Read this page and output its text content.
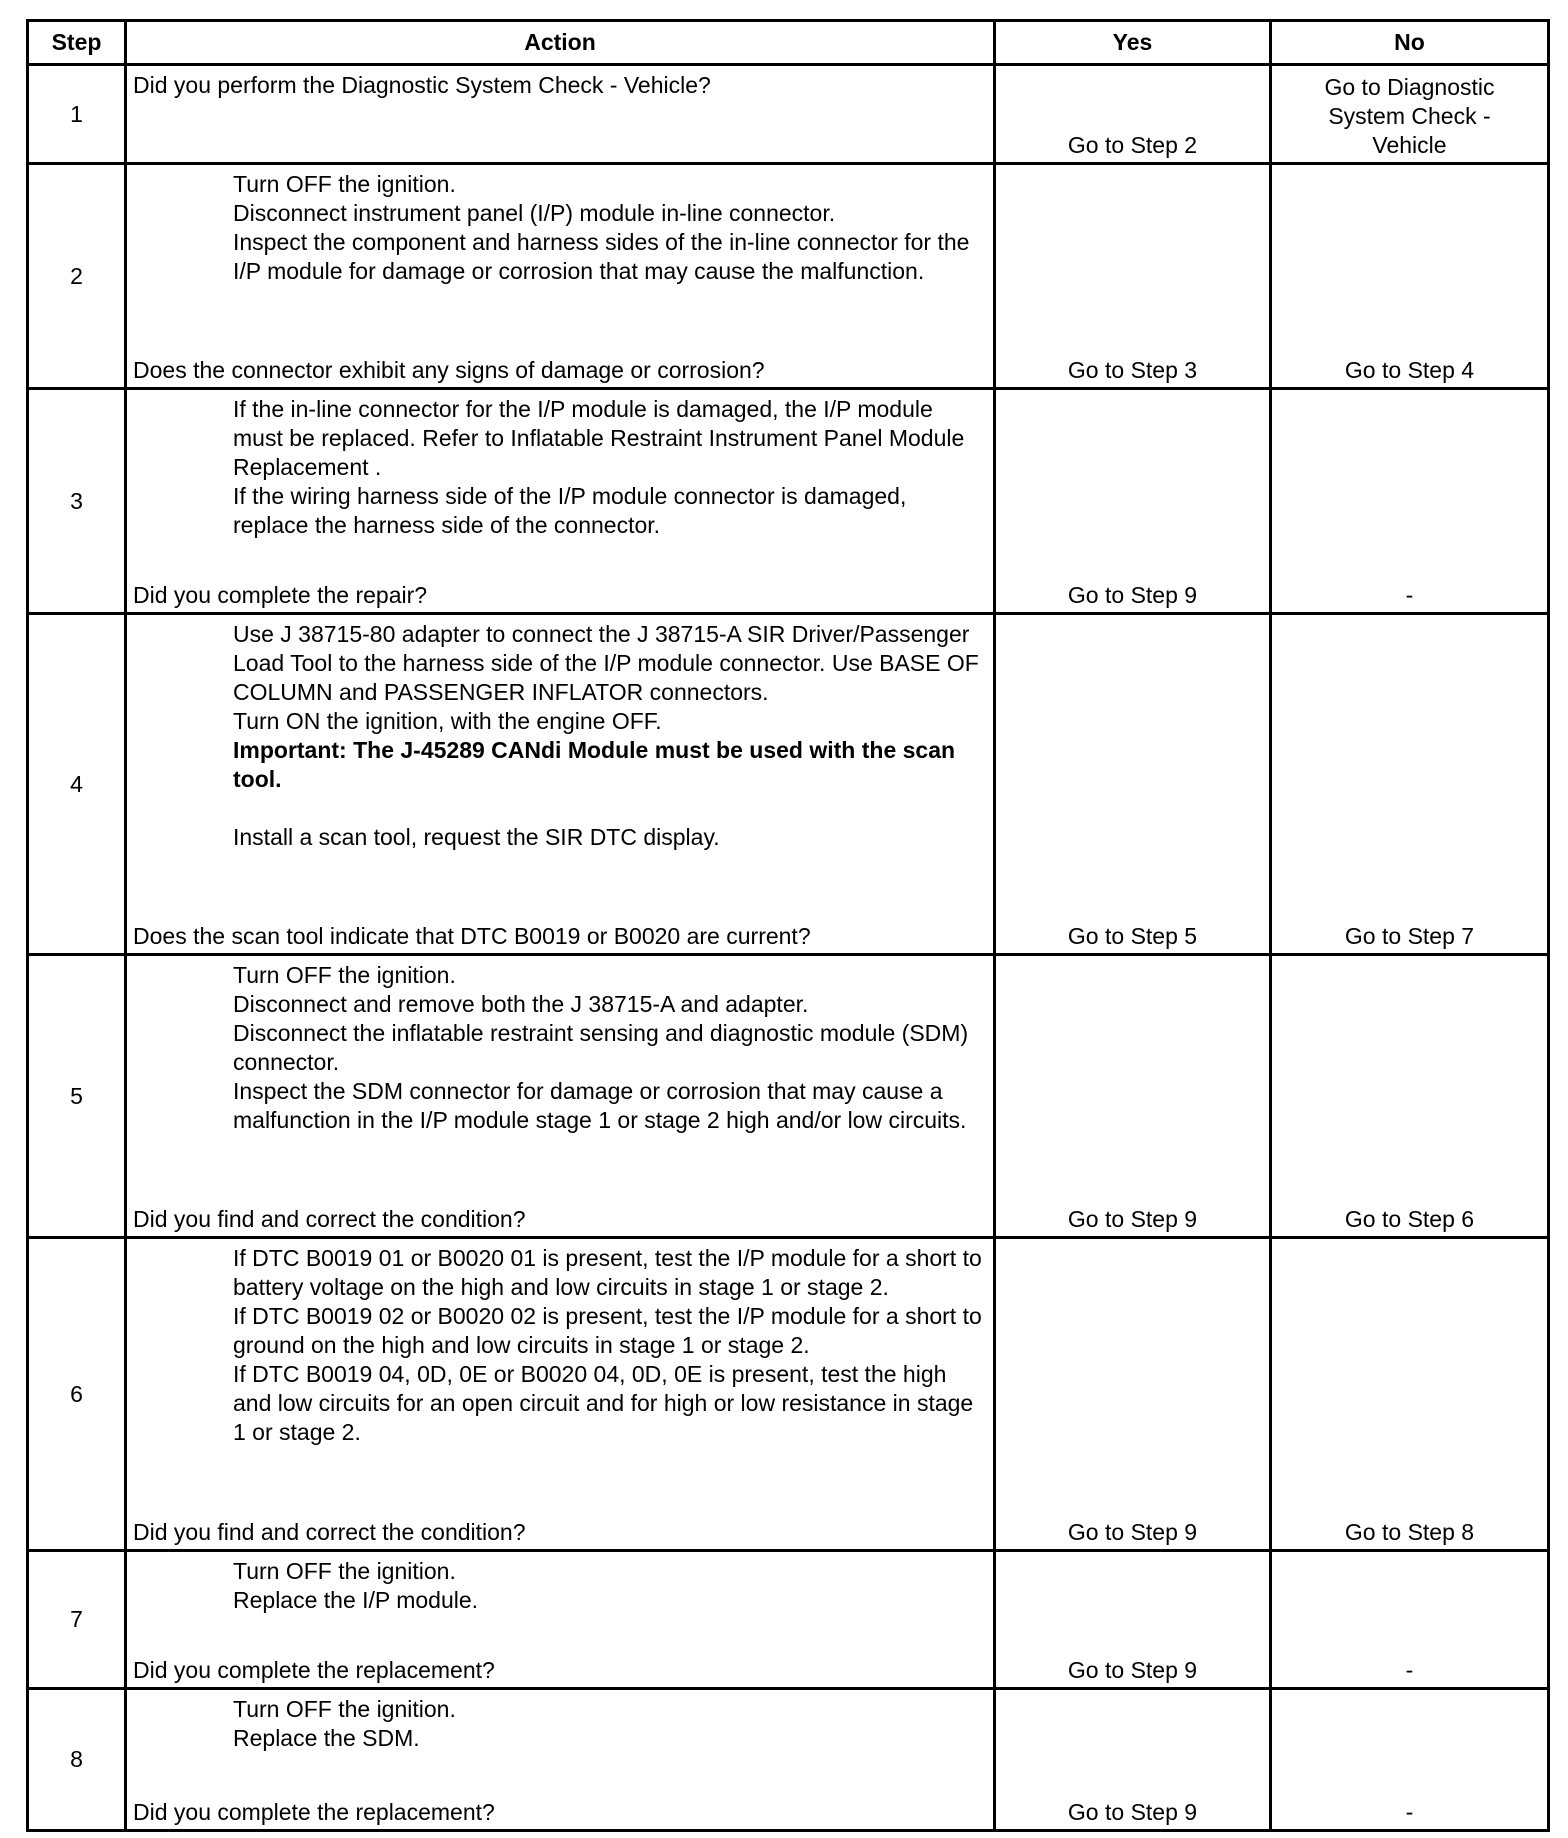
Step	Action	Yes	No
1	Did you perform the Diagnostic System Check - Vehicle?	Go to Step 2	Go to Diagnostic System Check - Vehicle
2	Turn OFF the ignition.
Disconnect instrument panel (I/P) module in-line connector.
Inspect the component and harness sides of the in-line connector for the I/P module for damage or corrosion that may cause the malfunction.
Does the connector exhibit any signs of damage or corrosion?	Go to Step 3	Go to Step 4
3	If the in-line connector for the I/P module is damaged, the I/P module must be replaced. Refer to Inflatable Restraint Instrument Panel Module Replacement .
If the wiring harness side of the I/P module connector is damaged, replace the harness side of the connector.
Did you complete the repair?	Go to Step 9	-
4	Use J 38715-80 adapter to connect the J 38715-A SIR Driver/Passenger Load Tool to the harness side of the I/P module connector. Use BASE OF COLUMN and PASSENGER INFLATOR connectors.
Turn ON the ignition, with the engine OFF.
Important: The J-45289 CANdi Module must be used with the scan tool.
Install a scan tool, request the SIR DTC display.
Does the scan tool indicate that DTC B0019 or B0020 are current?	Go to Step 5	Go to Step 7
5	Turn OFF the ignition.
Disconnect and remove both the J 38715-A and adapter.
Disconnect the inflatable restraint sensing and diagnostic module (SDM) connector.
Inspect the SDM connector for damage or corrosion that may cause a malfunction in the I/P module stage 1 or stage 2 high and/or low circuits.
Did you find and correct the condition?	Go to Step 9	Go to Step 6
6	If DTC B0019 01 or B0020 01 is present, test the I/P module for a short to battery voltage on the high and low circuits in stage 1 or stage 2.
If DTC B0019 02 or B0020 02 is present, test the I/P module for a short to ground on the high and low circuits in stage 1 or stage 2.
If DTC B0019 04, 0D, 0E or B0020 04, 0D, 0E is present, test the high and low circuits for an open circuit and for high or low resistance in stage 1 or stage 2.
Did you find and correct the condition?	Go to Step 9	Go to Step 8
7	Turn OFF the ignition.
Replace the I/P module.
Did you complete the replacement?	Go to Step 9	-
8	Turn OFF the ignition.
Replace the SDM.
Did you complete the replacement?	Go to Step 9	-
